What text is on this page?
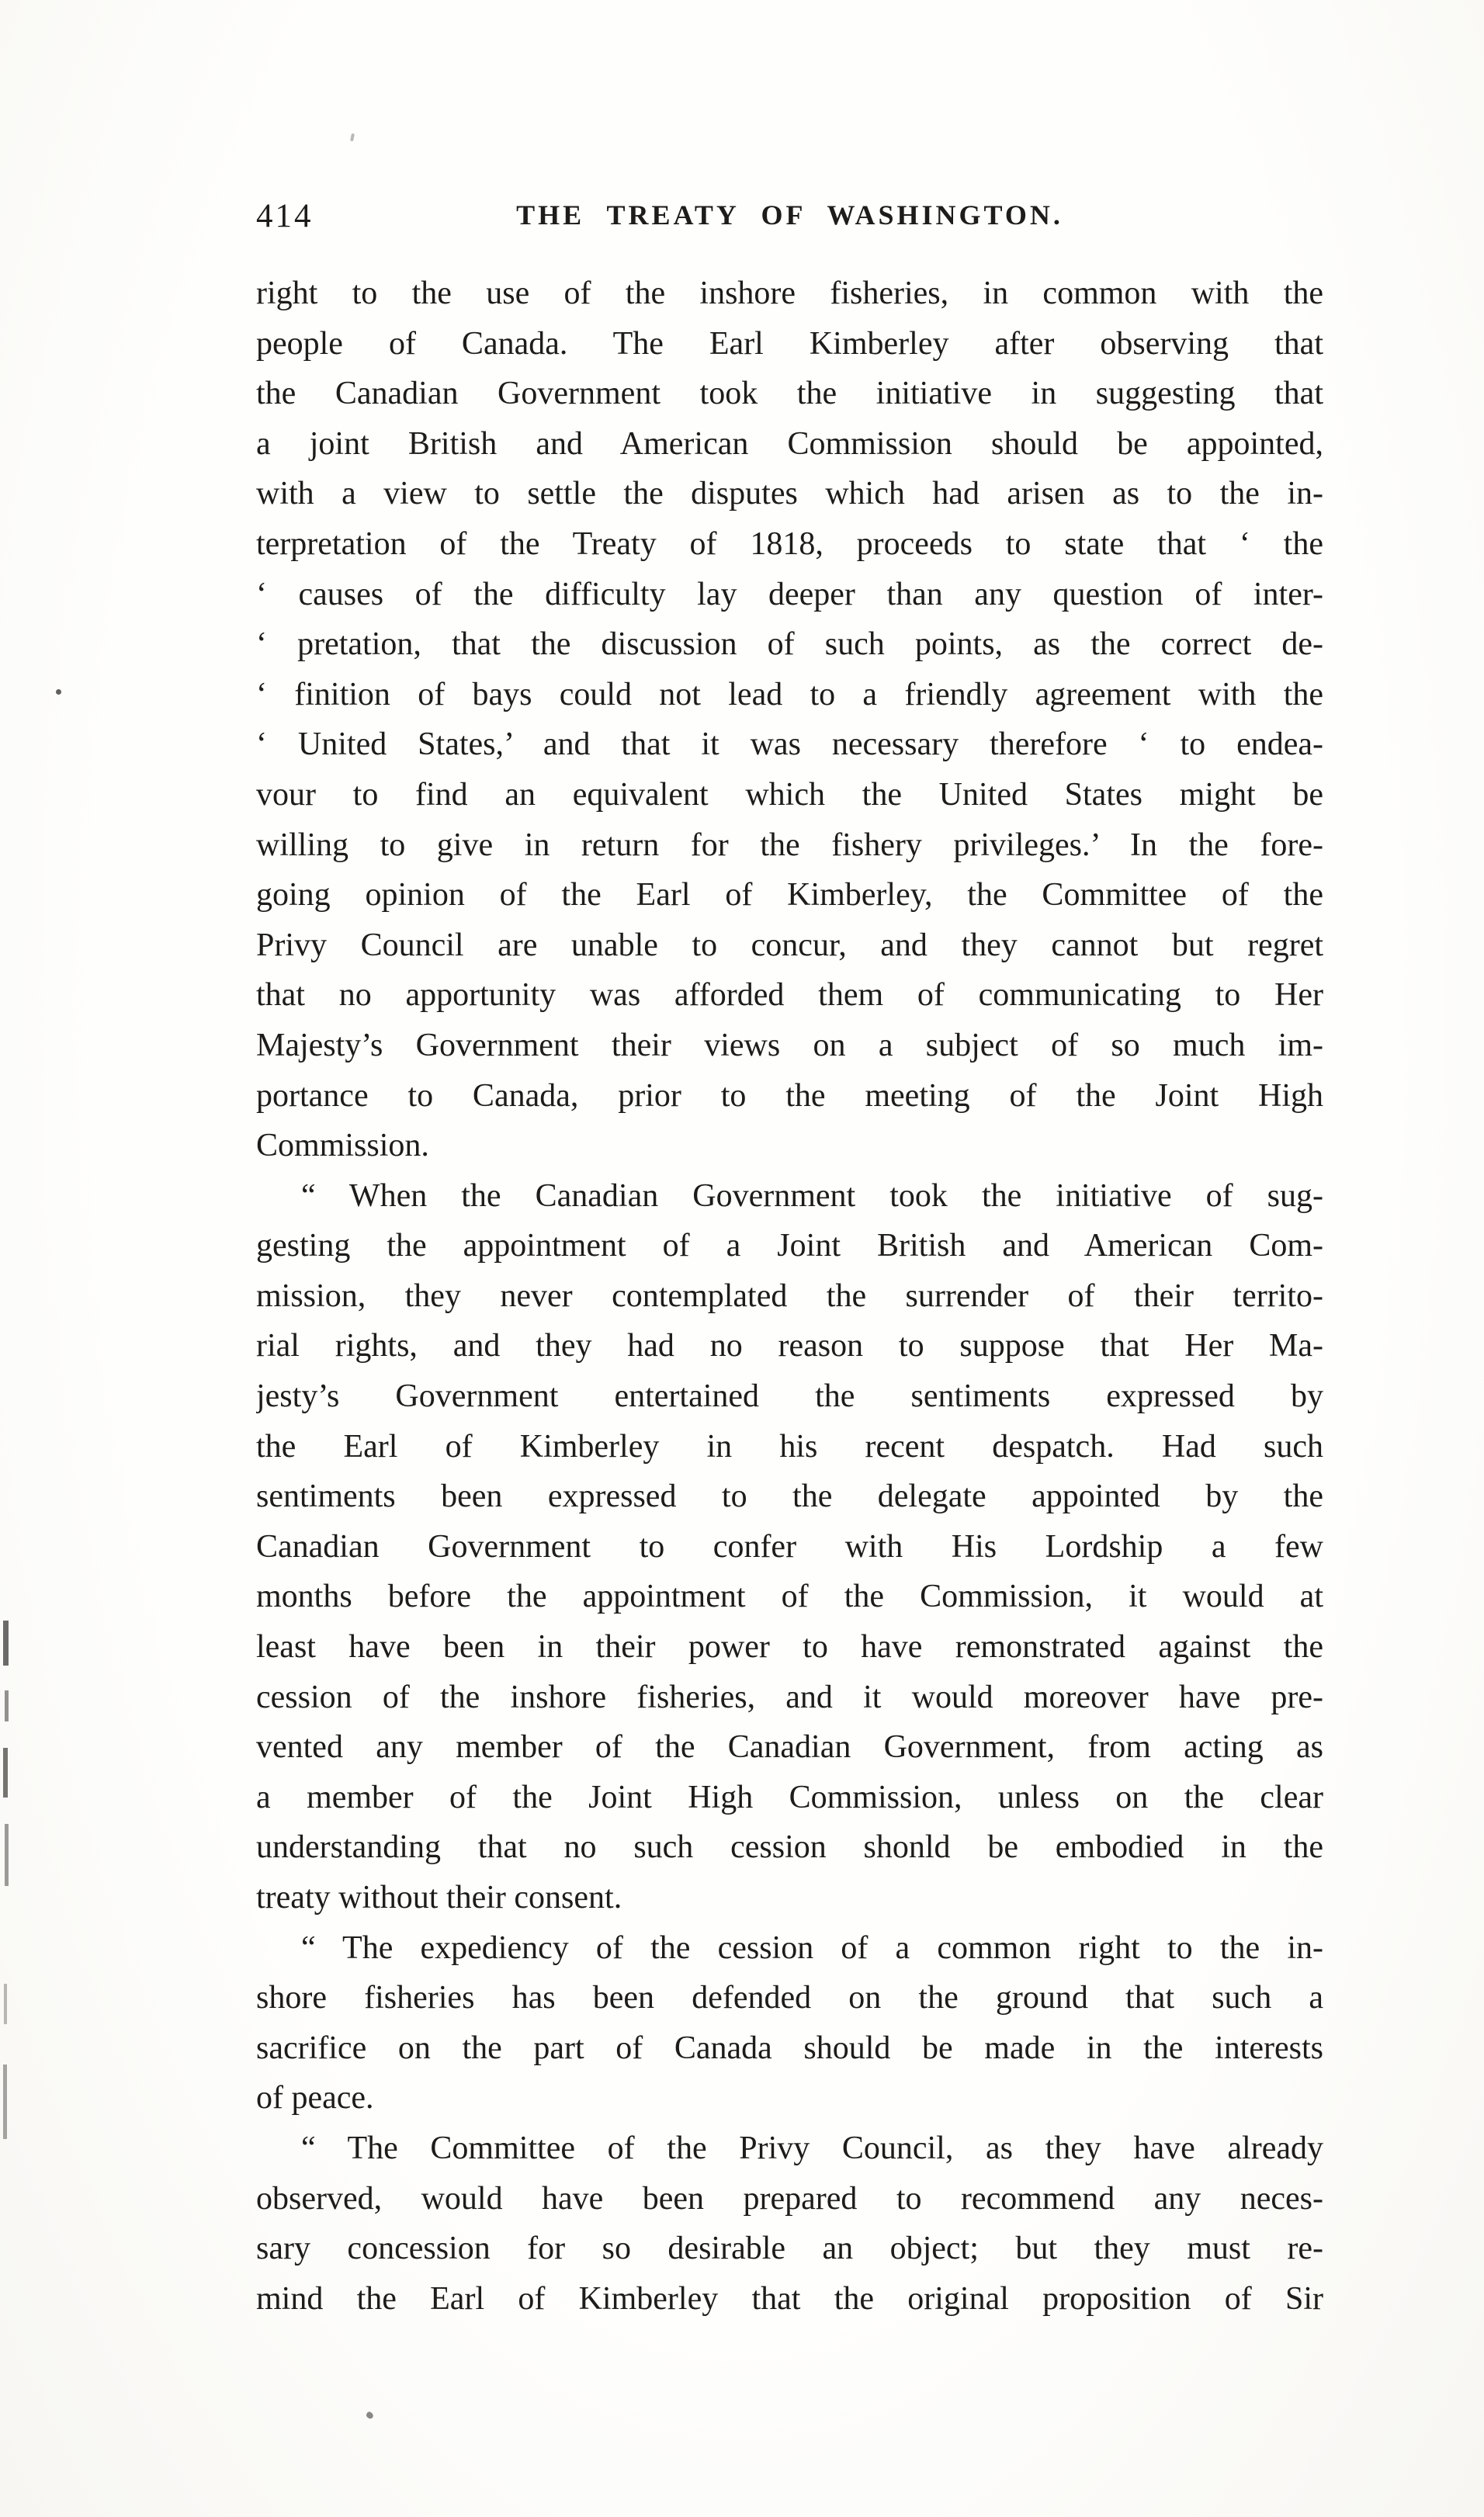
414	THE TREATY OF WASHINGTON.
right to the use of the inshore fisheries, in common with the
people of Canada. The Earl Kimberley after observing that
the Canadian Government took the initiative in suggesting that
a joint British and American Commission should be appointed,
with a view to settle the disputes which had arisen as to the in-
terpretation of the Treaty of 1818, proceeds to state that ‘ the
‘ causes of the difficulty lay deeper than any question of inter-
‘ pretation, that the discussion of such points, as the correct de-
‘ finition of bays could not lead to a friendly agreement with the
‘ United States,’ and that it was necessary therefore ‘ to endea-
vour to find an equivalent which the United States might be
willing to give in return for the fishery privileges.’ In the fore-
going opinion of the Earl of Kimberley, the Committee of the
Privy Council are unable to concur, and they cannot but regret
that no apportunity was afforded them of communicating to Her
Majesty’s Government their views on a subject of so much im-
portance to Canada, prior to the meeting of the Joint High
Commission.
“ When the Canadian Government took the initiative of sug-
gesting the appointment of a Joint British and American Com-
mission, they never contemplated the surrender of their territo-
rial rights, and they had no reason to suppose that Her Ma-
jesty’s Government entertained the sentiments expressed by
the Earl of Kimberley in his recent despatch. Had such
sentiments been expressed to the delegate appointed by the
Canadian Government to confer with His Lordship a few
months before the appointment of the Commission, it would at
least have been in their power to have remonstrated against the
cession of the inshore fisheries, and it would moreover have pre-
vented any member of the Canadian Government, from acting as
a member of the Joint High Commission, unless on the clear
understanding that no such cession shonld be embodied in the
treaty without their consent.
“ The expediency of the cession of a common right to the in-
shore fisheries has been defended on the ground that such a
sacrifice on the part of Canada should be made in the interests
of peace.
“ The Committee of the Privy Council, as they have already
observed, would have been prepared to recommend any neces-
sary concession for so desirable an object; but they must re-
mind the Earl of Kimberley that the original proposition of Sir
